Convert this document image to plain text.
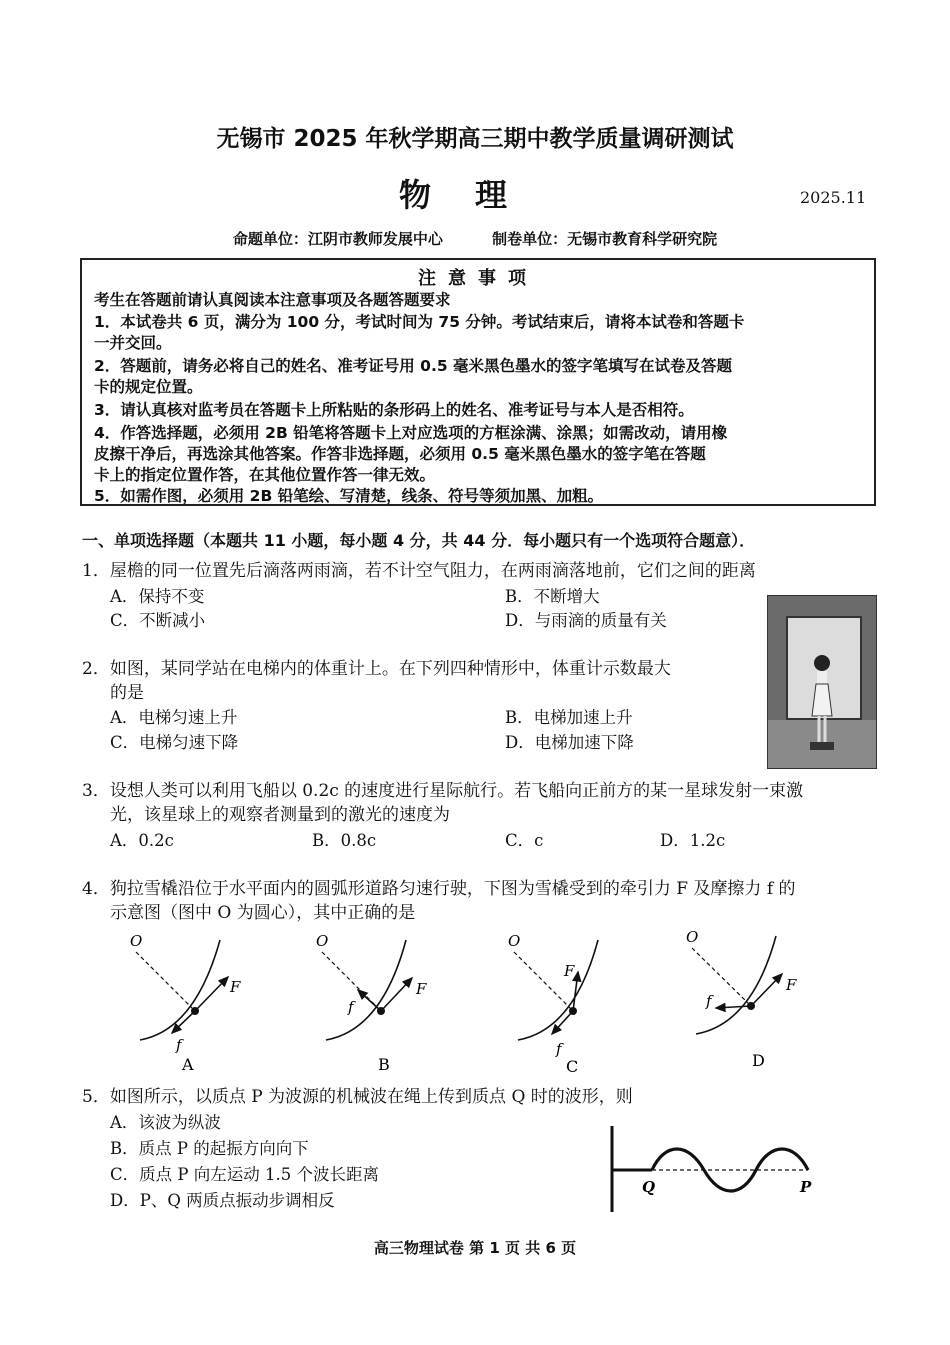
无锡市 2025 年秋学期高三期中教学质量调研测试
物理	2025.11
命题单位：江阴市教师发展中心	制卷单位：无锡市教育科学研究院
注意事项

考生在答题前请认真阅读本注意事项及各题答题要求

1．本试卷共 6 页，满分为 100 分，考试时间为 75 分钟。考试结束后，请将本试卷和答题卡

一并交回。

2．答题前，请务必将自己的姓名、准考证号用 0.5 毫米黑色墨水的签字笔填写在试卷及答题

卡的规定位置。

3．请认真核对监考员在答题卡上所粘贴的条形码上的姓名、准考证号与本人是否相符。

4．作答选择题，必须用 2B 铅笔将答题卡上对应选项的方框涂满、涂黑；如需改动，请用橡

皮擦干净后，再选涂其他答案。作答非选择题，必须用 0.5 毫米黑色墨水的签字笔在答题

卡上的指定位置作答，在其他位置作答一律无效。

5．如需作图，必须用 2B 铅笔绘、写清楚，线条、符号等须加黑、加粗。

一、单项选择题（本题共 11 小题，每小题 4 分，共 44 分．每小题只有一个选项符合题意）．
1．屋檐的同一位置先后滴落两雨滴，若不计空气阻力，在两雨滴落地前，它们之间的距离
A．保持不变	B．不断增大
C．不断减小	D．与雨滴的质量有关
2．如图，某同学站在电梯内的体重计上。在下列四种情形中，体重计示数最大
的是
A．电梯匀速上升	B．电梯加速上升
C．电梯匀速下降	D．电梯加速下降
3．设想人类可以利用飞船以 0.2c 的速度进行星际航行。若飞船向正前方的某一星球发射一束激
光，该星球上的观察者测量到的激光的速度为
A．0.2c	B．0.8c	C．c	D．1.2c
4．狗拉雪橇沿位于水平面内的圆弧形道路匀速行驶，下图为雪橇受到的牵引力 F 及摩擦力 f 的
示意图（图中 O 为圆心），其中正确的是
O
F
f
A
O
F
f
B
O
F
f
C
O
F
f
D
5．如图所示，以质点 P 为波源的机械波在绳上传到质点 Q 时的波形，则
A．该波为纵波
B．质点 P 的起振方向向下
C．质点 P 向左运动 1.5 个波长距离
D．P、Q 两质点振动步调相反
Q	P
高三物理试卷 第 1 页 共 6 页
